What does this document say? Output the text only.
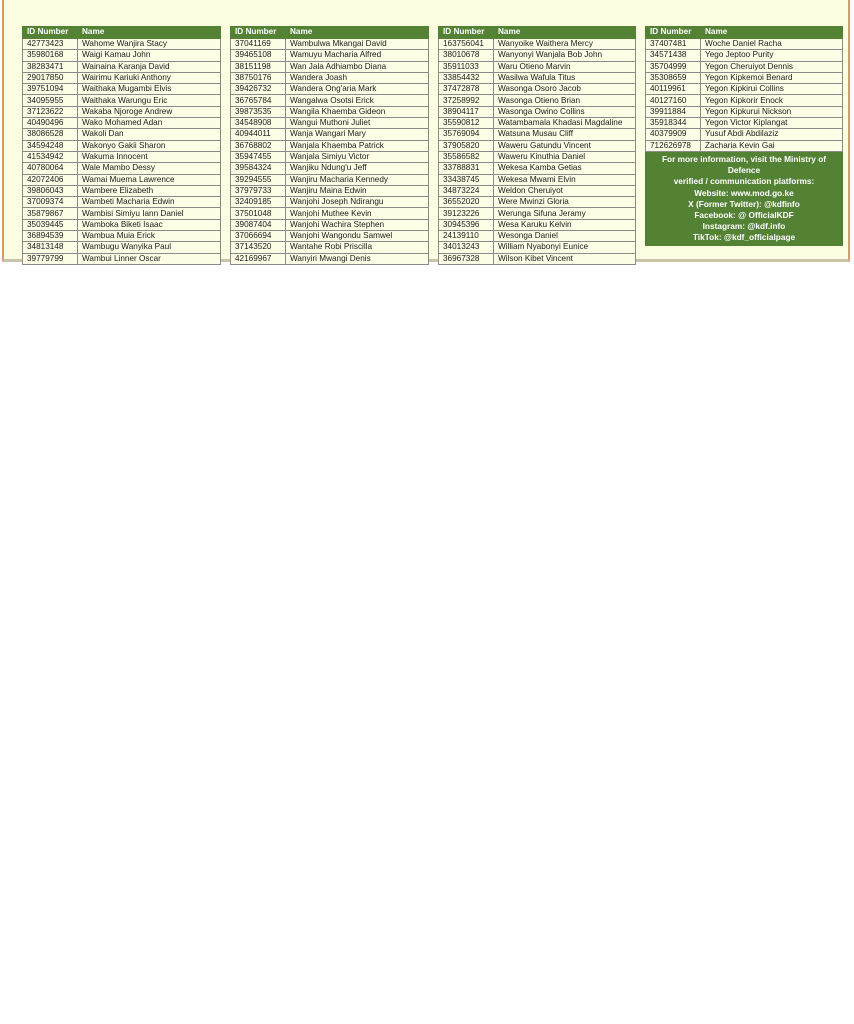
ID Number	Name
42773423	Wahome Wanjira Stacy
35980168	Waigi Kamau John
38283471	Wainaina Karanja David
29017850	Wairimu Kariuki Anthony
39751094	Waithaka Mugambi Elvis
34095955	Waithaka Warungu Eric
37123622	Wakaba Njoroge Andrew
40490496	Wako Mohamed Adan
38086528	Wakoli Dan
34594248	Wakonyo Gakii Sharon
41534942	Wakuma Innocent
40780064	Wale Mambo Dessy
42072406	Wamai Muema Lawrence
39806043	Wambere Elizabeth
37009374	Wambeti Macharia Edwin
35879867	Wambisi Simiyu Iann Daniel
35039445	Wamboka Biketi Isaac
36894539	Wambua Muia Erick
34813148	Wambugu Wanyika Paul
39779799	Wambui Linner Oscar
ID Number	Name
37041169	Wambulwa Mkangai David
39465108	Wamuyu Macharia Alfred
38151198	Wan Jala Adhiambo Diana
38750176	Wandera Joash
39426732	Wandera Ong'aria Mark
36765784	Wangalwa Osotsi Erick
39873535	Wangila Khaemba Gideon
34548908	Wangui Muthoni Juliet
40944011	Wanja Wangari Mary
36768802	Wanjala Khaemba Patrick
35947455	Wanjala Simiyu Victor
39584324	Wanjiku Ndung'u Jeff
39294555	Wanjiru Macharia Kennedy
37979733	Wanjiru Maina Edwin
32409185	Wanjohi Joseph Ndirangu
37501048	Wanjohi Muthee Kevin
39087404	Wanjohi Wachira Stephen
37066694	Wanjohi Wangondu Samwel
37143520	Wantahe Robi Priscilla
42169967	Wanyiri Mwangi Denis
ID Number	Name
163756041	Wanyoike Waithera Mercy
38010678	Wanyonyi Wanjala Bob John
35911033	Waru Otieno Marvin
33854432	Wasilwa Wafula Titus
37472878	Wasonga Osoro Jacob
37258992	Wasonga Otieno Brian
38904117	Wasonga Owino Collins
35590812	Watambamala Khadasi Magdaline
35769094	Watsuna Musau Cliff
37905820	Waweru Gatundu Vincent
35586582	Waweru Kinuthia Daniel
33788831	Wekesa Kamba Getias
33438745	Wekesa Mwami Elvin
34873224	Weldon Cheruiyot
36552020	Were Mwinzi Gloria
39123226	Werunga Sifuna Jeramy
30945396	Wesa Karuku Kelvin
24139110	Wesonga Daniel
34013243	William Nyabonyi Eunice
36967328	Wilson Kibet Vincent
ID Number	Name
37407481	Woche Daniel Racha
34571438	Yego Jeptoo Purity
35704999	Yegon Cheruiyot Dennis
35308659	Yegon Kipkemoi Benard
40119961	Yegon Kipkirui Collins
40127160	Yegon Kipkorir Enock
39911884	Yegon Kipkurui Nickson
35918344	Yegon Victor Kiplangat
40379909	Yusuf Abdi Abdilaziz
712626978	Zacharia Kevin Gai
For more information, visit the Ministry of Defence
verified / communication platforms:
Website: www.mod.go.ke
X (Former Twitter): @kdfinfo
Facebook: @ OfficialKDF
Instagram: @kdf.info
TikTok: @kdf_officialpage
